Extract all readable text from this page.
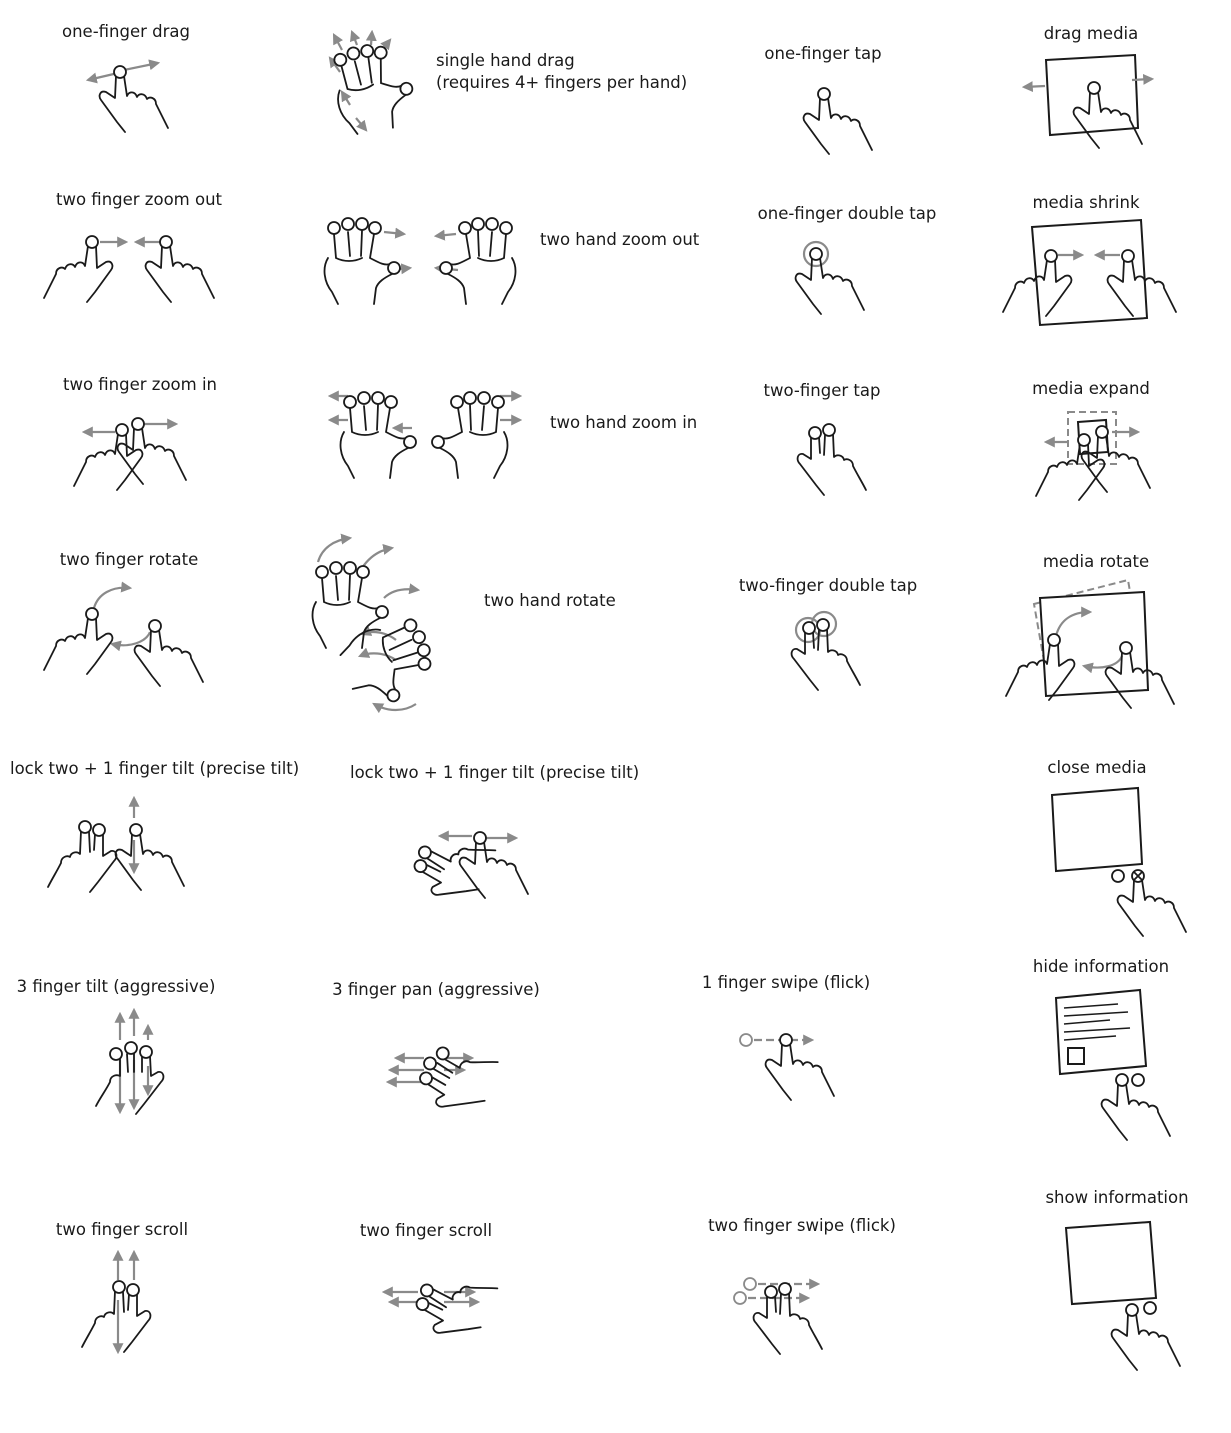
one-finger drag
single hand drag
(requires 4+ fingers per hand)
one-finger tap
drag media
two finger zoom out
two hand zoom out
one-finger double tap
media shrink
two finger zoom in
two hand zoom in
two-finger tap	media expand
two finger rotate
two hand rotate
two-finger double tap
media rotate
lock two + 1 finger tilt (precise tilt)	lock two + 1 finger tilt (precise tilt)	close media
3 finger tilt (aggressive)	3 finger pan (aggressive)	1 finger swipe (flick)
hide information
two finger scroll	two finger scroll	two finger swipe (flick)
show information
